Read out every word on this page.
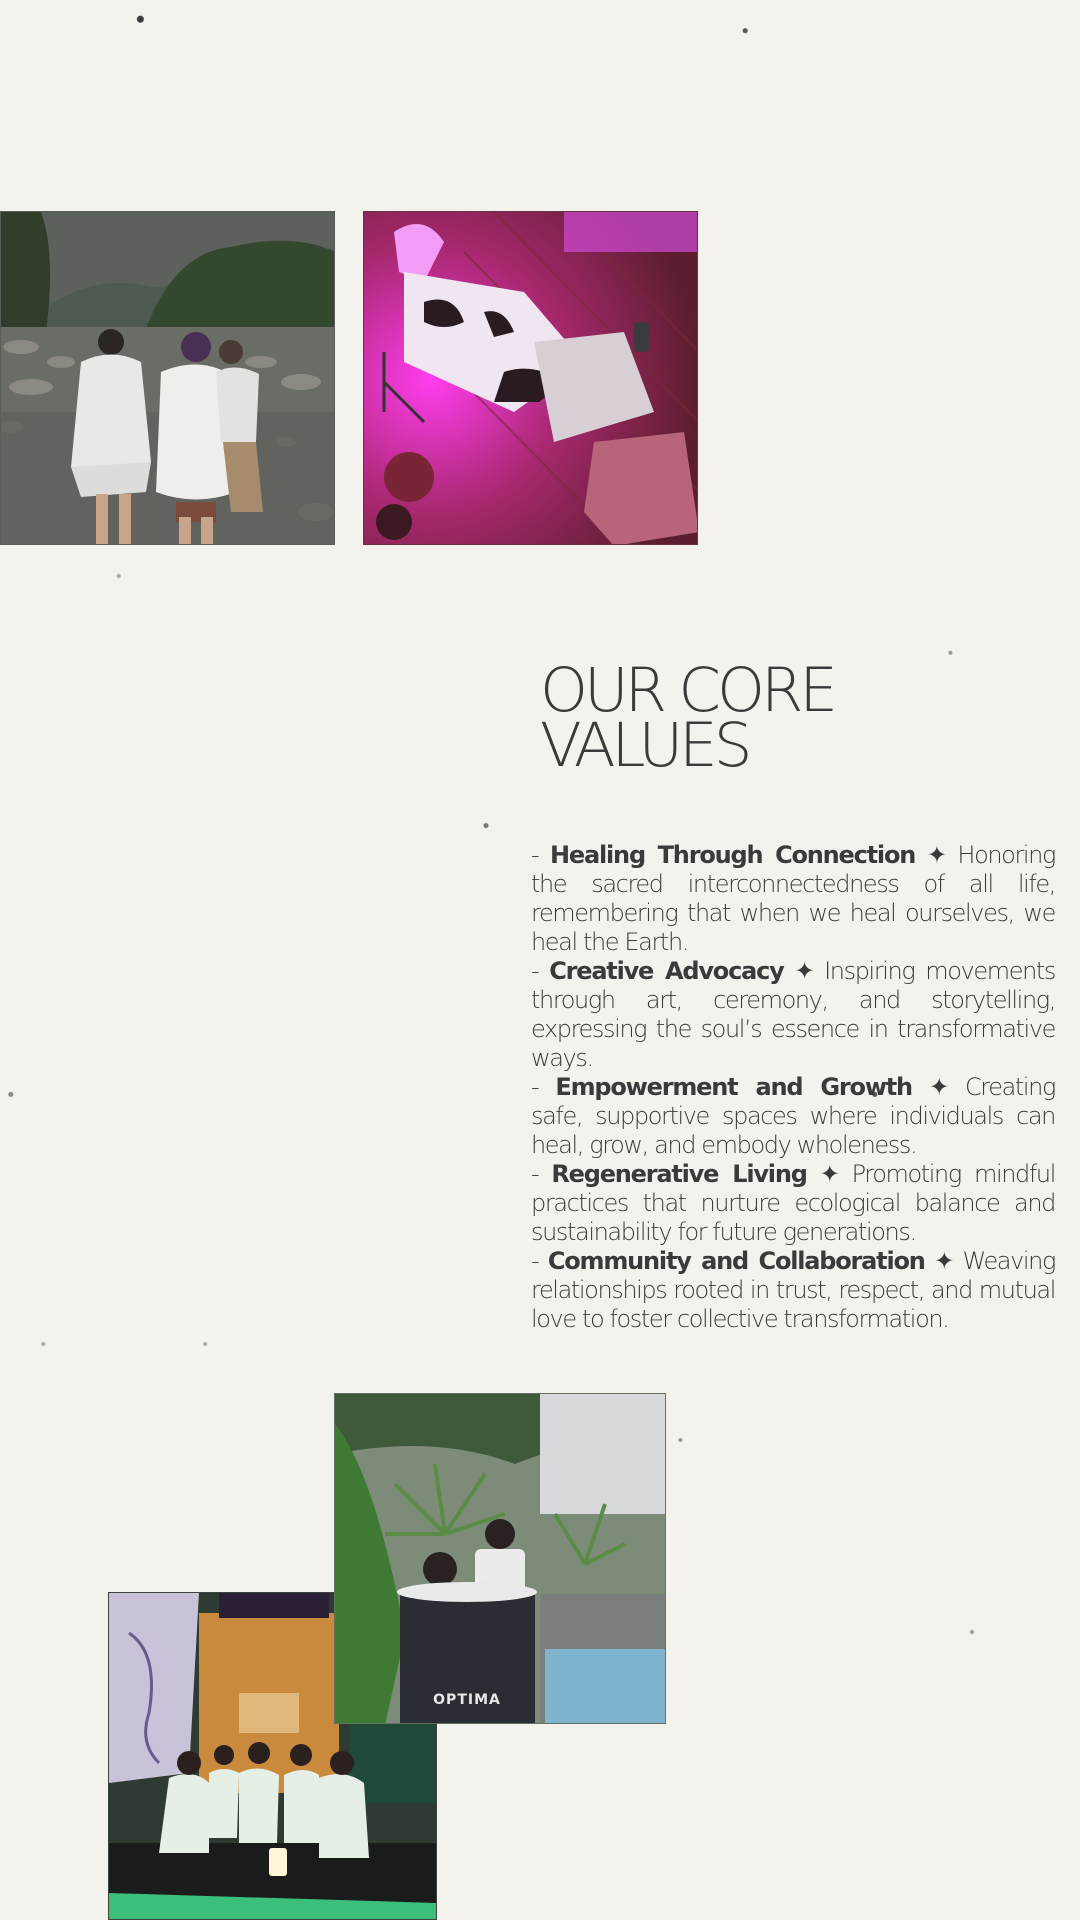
OUR CORE
VALUES
- Healing Through Connection ✦ Honoring the sacred interconnectedness of all life, remembering that when we heal ourselves, we heal the Earth.
- Creative Advocacy ✦ Inspiring movements through art, ceremony, and storytelling, expressing the soul’s essence in transformative ways.
- Empowerment and Growth ✦ Creating safe, supportive spaces where individuals can heal, grow, and embody wholeness.
- Regenerative Living ✦ Promoting mindful practices that nurture ecological balance and sustainability for future generations.
- Community and Collaboration ✦ Weaving relationships rooted in trust, respect, and mutual love to foster collective transformation.
OPTIMA
